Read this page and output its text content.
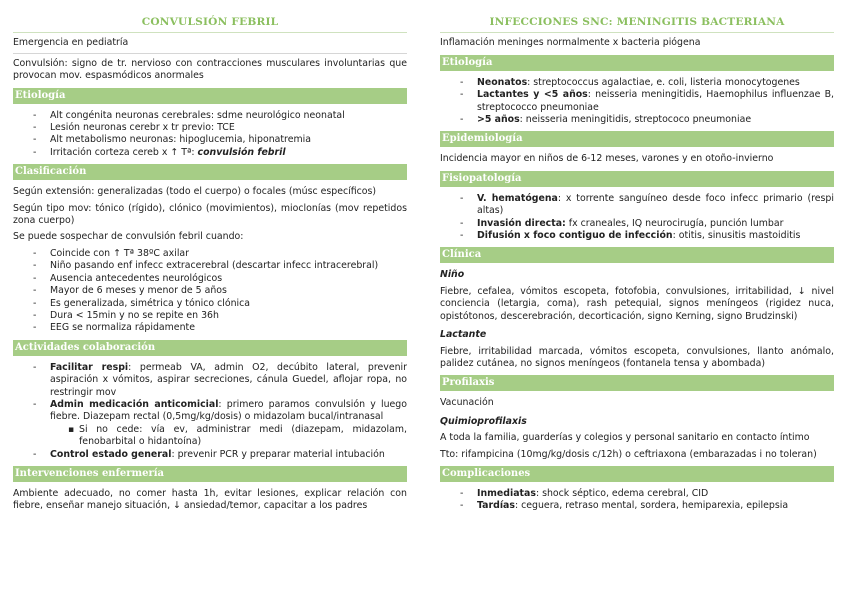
CONVULSIÓN FEBRIL
Emergencia en pediatría
Convulsión: signo de tr. nervioso con contracciones musculares involuntarias que provocan mov. espasmódicos anormales
Etiología
- Alt congénita neuronas cerebrales: sdme neurológico neonatal
- Lesión neuronas cerebr x tr previo: TCE
- Alt metabolismo neuronas: hipoglucemia, hiponatremia
- Irritación corteza cereb x ↑ Tª: convulsión febril
Clasificación
Según extensión: generalizadas (todo el cuerpo) o focales (músc específicos)
Según tipo mov: tónico (rígido), clónico (movimientos), mioclonías (mov repetidos zona cuerpo)
Se puede sospechar de convulsión febril cuando:
- Coincide con ↑ Tª 38ºC axilar
- Niño pasando enf infecc extracerebral (descartar infecc intracerebral)
- Ausencia antecedentes neurológicos
- Mayor de 6 meses y menor de 5 años
- Es generalizada, simétrica y tónico clónica
- Dura < 15min y no se repite en 36h
- EEG se normaliza rápidamente
Actividades colaboración
- Facilitar respi: permeab VA, admin O2, decúbito lateral, prevenir aspiración x vómitos, aspirar secreciones, cánula Guedel, aflojar ropa, no restringir mov
- Admin medicación anticomicial: primero paramos convulsión y luego fiebre. Diazepam rectal (0,5mg/kg/dosis) o midazolam bucal/intranasal
▪ Si no cede: vía ev, administrar medi (diazepam, midazolam, fenobarbital o hidantoína)
- Control estado general: prevenir PCR y preparar material intubación
Intervenciones enfermería
Ambiente adecuado, no comer hasta 1h, evitar lesiones, explicar relación con fiebre, enseñar manejo situación, ↓ ansiedad/temor, capacitar a los padres
INFECCIONES SNC: MENINGITIS BACTERIANA
Inflamación meninges normalmente x bacteria piógena
Etiología
- Neonatos: streptococcus agalactiae, e. coli, listeria monocytogenes
- Lactantes y <5 años: neisseria meningitidis, Haemophilus influenzae B, streptococco pneumoniae
- >5 años: neisseria meningitidis, streptococo pneumoniae
Epidemiología
Incidencia mayor en niños de 6-12 meses, varones y en otoño-invierno
Fisiopatología
- V. hematógena: x torrente sanguíneo desde foco infecc primario (respi altas)
- Invasión directa: fx craneales, IQ neurocirugía, punción lumbar
- Difusión x foco contiguo de infección: otitis, sinusitis mastoiditis
Clínica
Niño
Fiebre, cefalea, vómitos escopeta, fotofobia, convulsiones, irritabilidad, ↓ nivel conciencia (letargia, coma), rash petequial, signos meníngeos (rigidez nuca, opistótonos, descerebración, decorticación, signo Kerning, signo Brudzinski)
Lactante
Fiebre, irritabilidad marcada, vómitos escopeta, convulsiones, llanto anómalo, palidez cutánea, no signos meníngeos (fontanela tensa y abombada)
Profilaxis
Vacunación
Quimioprofilaxis
A toda la familia, guarderías y colegios y personal sanitario en contacto íntimo
Tto: rifampicina (10mg/kg/dosis c/12h) o ceftriaxona (embarazadas i no toleran)
Complicaciones
- Inmediatas: shock séptico, edema cerebral, CID
- Tardías: ceguera, retraso mental, sordera, hemiparexia, epilepsia
